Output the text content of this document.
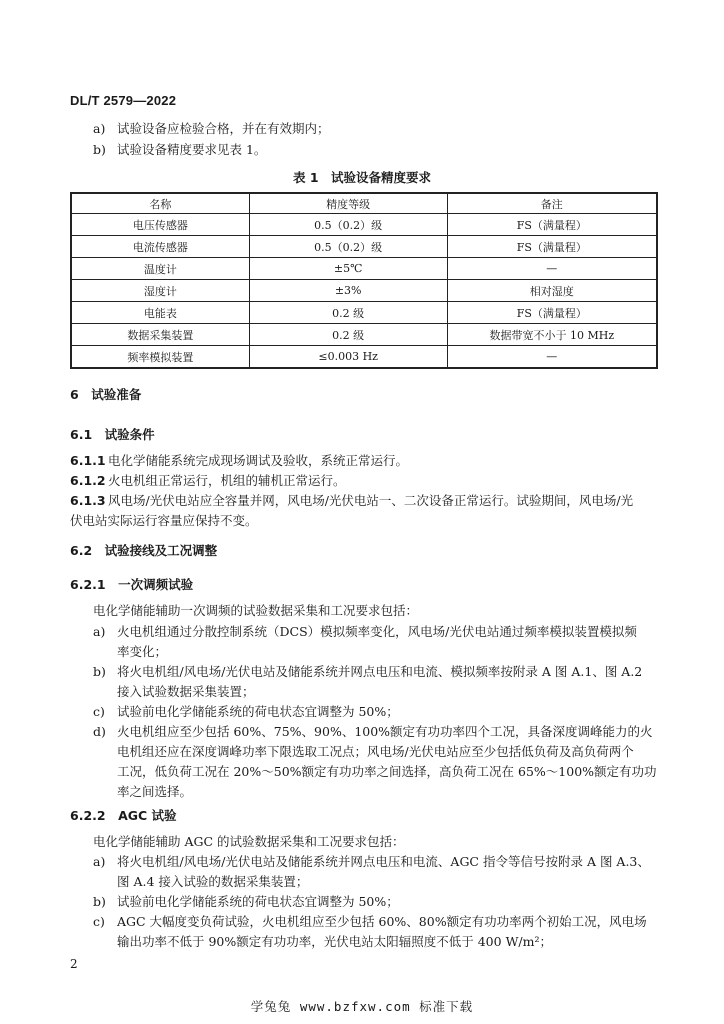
DL/T 2579—2022
a) 试验设备应检验合格，并在有效期内；
b) 试验设备精度要求见表 1。
表 1　试验设备精度要求
名称	精度等级	备注
电压传感器	0.5（0.2）级	FS（满量程）
电流传感器	0.5（0.2）级	FS（满量程）
温度计	±5℃	—
湿度计	±3%	相对湿度
电能表	0.2 级	FS（满量程）
数据采集装置	0.2 级	数据带宽不小于 10 MHz
频率模拟装置	≤0.003 Hz	—
6　试验准备
6.1　试验条件
6.1.1 电化学储能系统完成现场调试及验收，系统正常运行。
6.1.2 火电机组正常运行，机组的辅机正常运行。
6.1.3 风电场/光伏电站应全容量并网，风电场/光伏电站一、二次设备正常运行。试验期间，风电场/光
伏电站实际运行容量应保持不变。
6.2　试验接线及工况调整
6.2.1　一次调频试验
电化学储能辅助一次调频的试验数据采集和工况要求包括：
a) 火电机组通过分散控制系统（DCS）模拟频率变化，风电场/光伏电站通过频率模拟装置模拟频
率变化；
b) 将火电机组/风电场/光伏电站及储能系统并网点电压和电流、模拟频率按附录 A 图 A.1、图 A.2
接入试验数据采集装置；
c) 试验前电化学储能系统的荷电状态宜调整为 50%；
d) 火电机组应至少包括 60%、75%、90%、100%额定有功功率四个工况，具备深度调峰能力的火
电机组还应在深度调峰功率下限选取工况点；风电场/光伏电站应至少包括低负荷及高负荷两个
工况，低负荷工况在 20%～50%额定有功功率之间选择，高负荷工况在 65%～100%额定有功功
率之间选择。
6.2.2　AGC 试验
电化学储能辅助 AGC 的试验数据采集和工况要求包括：
a) 将火电机组/风电场/光伏电站及储能系统并网点电压和电流、AGC 指令等信号按附录 A 图 A.3、
图 A.4 接入试验的数据采集装置；
b) 试验前电化学储能系统的荷电状态宜调整为 50%；
c) AGC 大幅度变负荷试验，火电机组应至少包括 60%、80%额定有功功率两个初始工况，风电场
输出功率不低于 90%额定有功功率，光伏电站太阳辐照度不低于 400 W/m²；
2
学兔兔 www.bzfxw.com 标准下载
